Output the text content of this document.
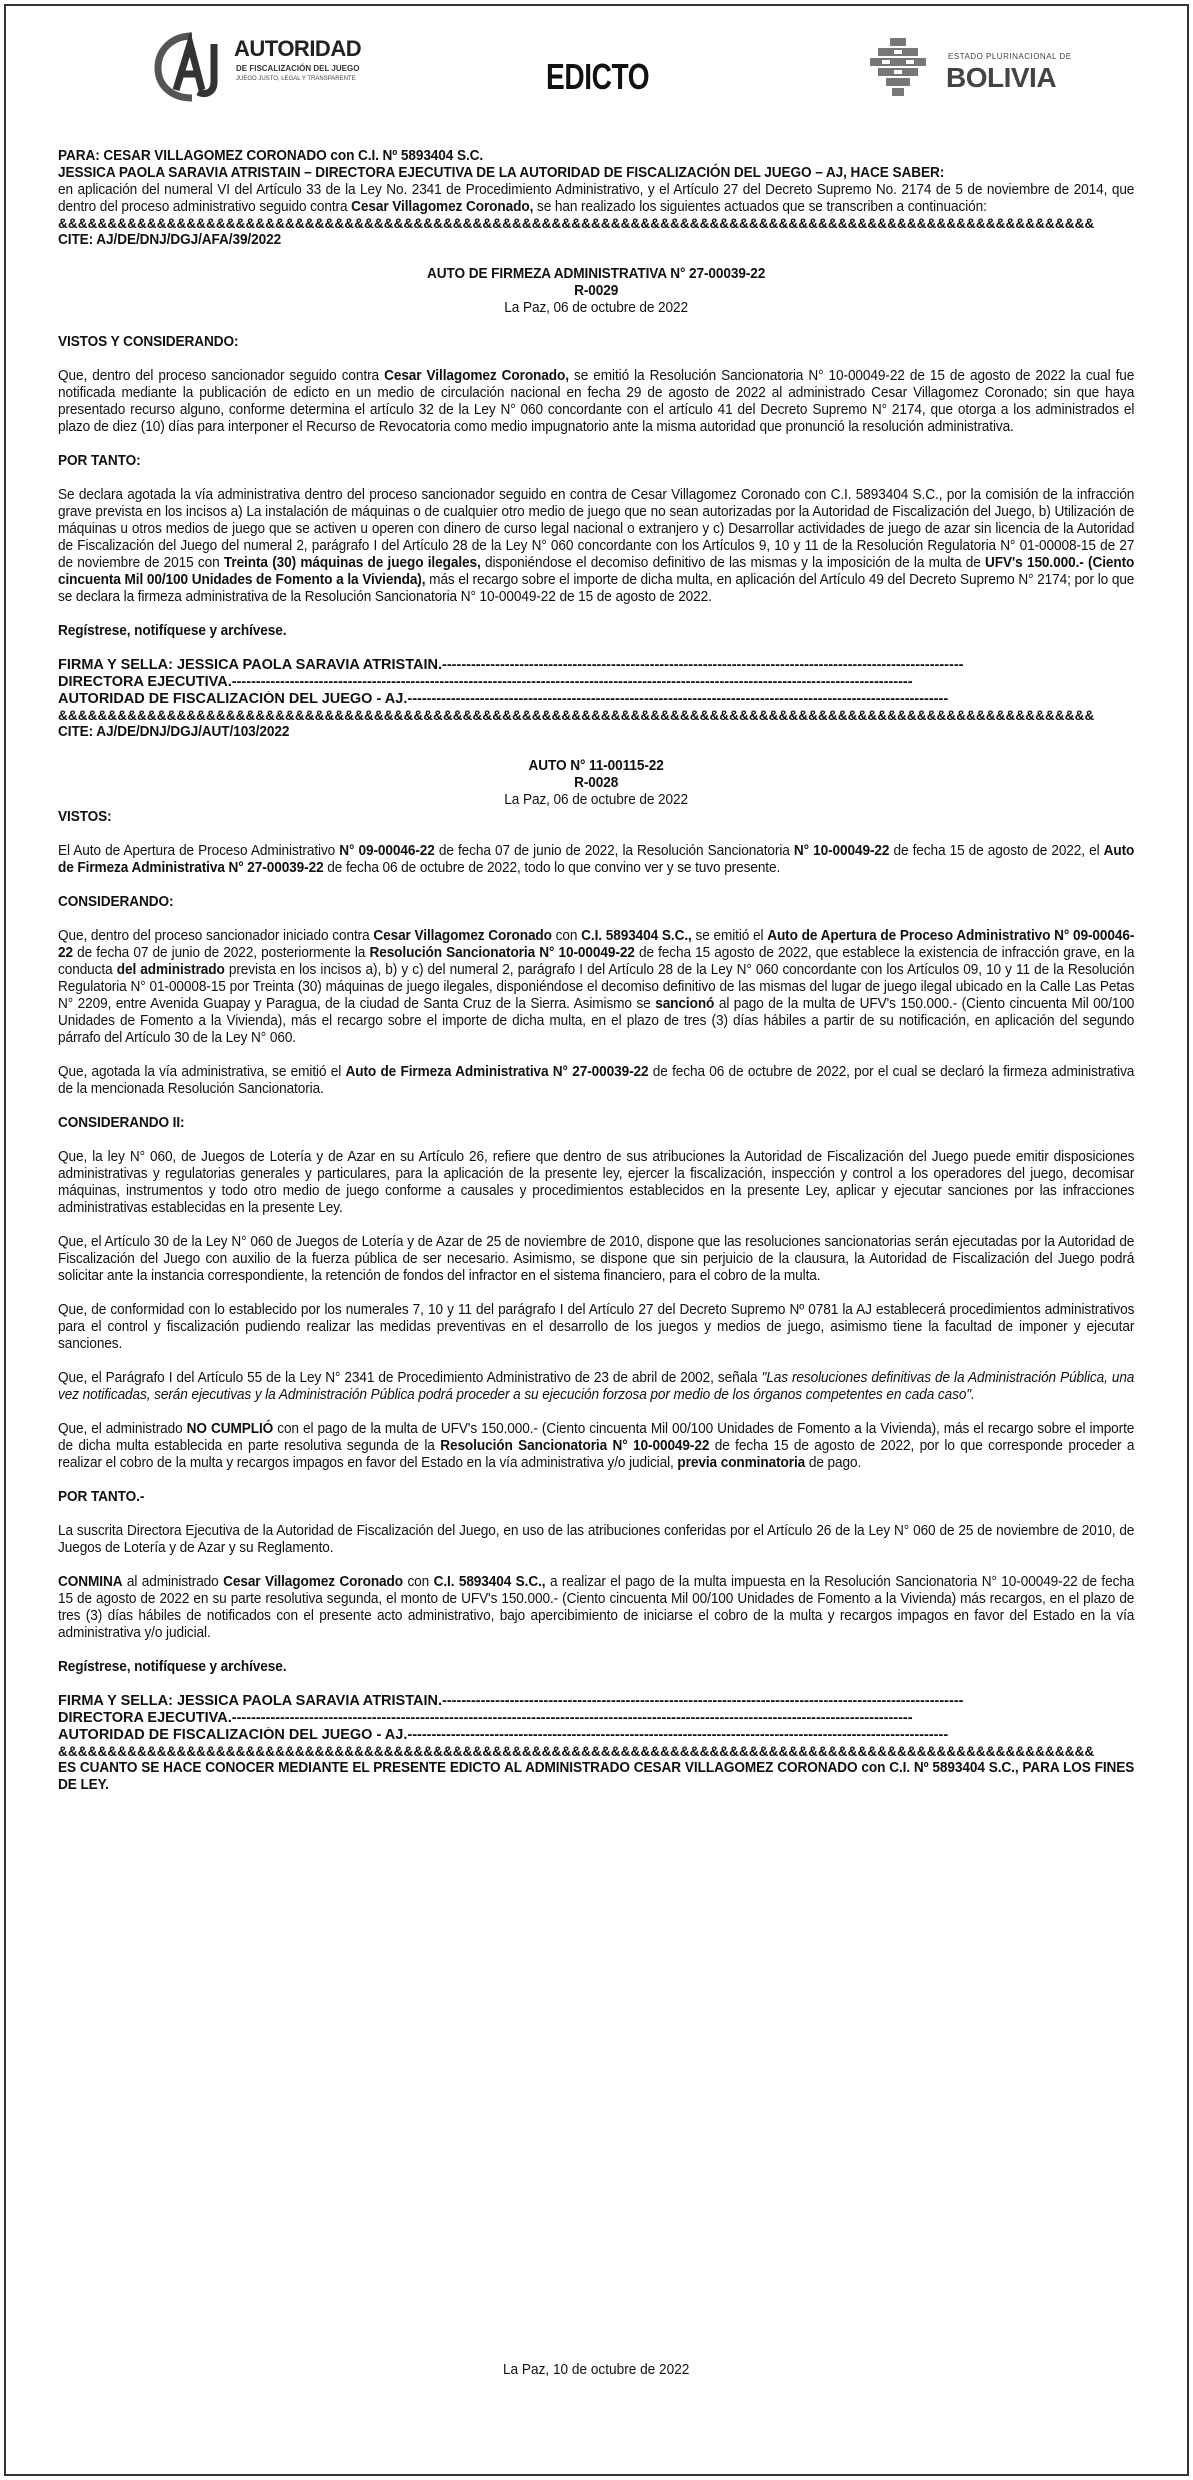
AUTORIDAD
DE FISCALIZACIÓN DEL JUEGO
JUEGO JUSTO, LEGAL Y TRANSPARENTE	EDICTO	ESTADO PLURINACIONAL DE
BOLIVIA
PARA: CESAR VILLAGOMEZ CORONADO con C.I. Nº 5893404 S.C.
JESSICA PAOLA SARAVIA ATRISTAIN – DIRECTORA EJECUTIVA DE LA AUTORIDAD DE FISCALIZACIÓN DEL JUEGO – AJ, HACE SABER:
en aplicación del numeral VI del Artículo 33 de la Ley No. 2341 de Procedimiento Administrativo, y el Artículo 27 del Decreto Supremo No. 2174 de 5 de noviembre de 2014, que dentro del proceso administrativo seguido contra Cesar Villagomez Coronado, se han realizado los siguientes actuados que se transcriben a continuación:
&&&&&&&&&&&&&&&&&&&&&&&&&&&&&&&&&&&&&&&&&&&&&&&&&&&&&&&&&&&&&&&&&&&&&&&&&&&&&&&&&&&&&&&&&&&&&&&&&&&&&&&&&
CITE: AJ/DE/DNJ/DGJ/AFA/39/2022
AUTO DE FIRMEZA ADMINISTRATIVA N° 27-00039-22
R-0029
La Paz, 06 de octubre de 2022
VISTOS Y CONSIDERANDO:
Que, dentro del proceso sancionador seguido contra Cesar Villagomez Coronado, se emitió la Resolución Sancionatoria N° 10-00049-22 de 15 de agosto de 2022 la cual fue notificada mediante la publicación de edicto en un medio de circulación nacional en fecha 29 de agosto de 2022 al administrado Cesar Villagomez Coronado; sin que haya presentado recurso alguno, conforme determina el artículo 32 de la Ley N° 060 concordante con el artículo 41 del Decreto Supremo N° 2174, que otorga a los administrados el plazo de diez (10) días para interponer el Recurso de Revocatoria como medio impugnatorio ante la misma autoridad que pronunció la resolución administrativa.
POR TANTO:
Se declara agotada la vía administrativa dentro del proceso sancionador seguido en contra de Cesar Villagomez Coronado con C.I. 5893404 S.C., por la comisión de la infracción grave prevista en los incisos a) La instalación de máquinas o de cualquier otro medio de juego que no sean autorizadas por la Autoridad de Fiscalización del Juego, b) Utilización de máquinas u otros medios de juego que se activen u operen con dinero de curso legal nacional o extranjero y c) Desarrollar actividades de juego de azar sin licencia de la Autoridad de Fiscalización del Juego del numeral 2, parágrafo I del Artículo 28 de la Ley N° 060 concordante con los Artículos 9, 10 y 11 de la Resolución Regulatoria N° 01-00008-15 de 27 de noviembre de 2015 con Treinta (30) máquinas de juego ilegales, disponiéndose el decomiso definitivo de las mismas y la imposición de la multa de UFV's 150.000.- (Ciento cincuenta Mil 00/100 Unidades de Fomento a la Vivienda), más el recargo sobre el importe de dicha multa, en aplicación del Artículo 49 del Decreto Supremo N° 2174; por lo que se declara la firmeza administrativa de la Resolución Sancionatoria N° 10-00049-22 de 15 de agosto de 2022.
Regístrese, notifíquese y archívese.
FIRMA Y SELLA: JESSICA PAOLA SARAVIA ATRISTAIN.------------------------------------------------------------------------------------------------------------
DIRECTORA EJECUTIVA.---------------------------------------------------------------------------------------------------------------------------------------------
AUTORIDAD DE FISCALIZACIÓN DEL JUEGO - AJ.----------------------------------------------------------------------------------------------------------------
&&&&&&&&&&&&&&&&&&&&&&&&&&&&&&&&&&&&&&&&&&&&&&&&&&&&&&&&&&&&&&&&&&&&&&&&&&&&&&&&&&&&&&&&&&&&&&&&&&&&&&&&&
CITE: AJ/DE/DNJ/DGJ/AUT/103/2022
AUTO N° 11-00115-22
R-0028
La Paz, 06 de octubre de 2022
VISTOS:
El Auto de Apertura de Proceso Administrativo N° 09-00046-22 de fecha 07 de junio de 2022, la Resolución Sancionatoria N° 10-00049-22 de fecha 15 de agosto de 2022, el Auto de Firmeza Administrativa N° 27-00039-22 de fecha 06 de octubre de 2022, todo lo que convino ver y se tuvo presente.
CONSIDERANDO:
Que, dentro del proceso sancionador iniciado contra Cesar Villagomez Coronado con C.I. 5893404 S.C., se emitió el Auto de Apertura de Proceso Administrativo N° 09-00046-22 de fecha 07 de junio de 2022, posteriormente la Resolución Sancionatoria N° 10-00049-22 de fecha 15 agosto de 2022, que establece la existencia de infracción grave, en la conducta del administrado prevista en los incisos a), b) y c) del numeral 2, parágrafo I del Artículo 28 de la Ley N° 060 concordante con los Artículos 09, 10 y 11 de la Resolución Regulatoria N° 01-00008-15 por Treinta (30) máquinas de juego ilegales, disponiéndose el decomiso definitivo de las mismas del lugar de juego ilegal ubicado en la Calle Las Petas N° 2209, entre Avenida Guapay y Paragua, de la ciudad de Santa Cruz de la Sierra. Asimismo se sancionó al pago de la multa de UFV's 150.000.- (Ciento cincuenta Mil 00/100 Unidades de Fomento a la Vivienda), más el recargo sobre el importe de dicha multa, en el plazo de tres (3) días hábiles a partir de su notificación, en aplicación del segundo párrafo del Artículo 30 de la Ley N° 060.
Que, agotada la vía administrativa, se emitió el Auto de Firmeza Administrativa N° 27-00039-22 de fecha 06 de octubre de 2022, por el cual se declaró la firmeza administrativa de la mencionada Resolución Sancionatoria.
CONSIDERANDO II:
Que, la ley N° 060, de Juegos de Lotería y de Azar en su Artículo 26, refiere que dentro de sus atribuciones la Autoridad de Fiscalización del Juego puede emitir disposiciones administrativas y regulatorias generales y particulares, para la aplicación de la presente ley, ejercer la fiscalización, inspección y control a los operadores del juego, decomisar máquinas, instrumentos y todo otro medio de juego conforme a causales y procedimientos establecidos en la presente Ley, aplicar y ejecutar sanciones por las infracciones administrativas establecidas en la presente Ley.
Que, el Artículo 30 de la Ley N° 060 de Juegos de Lotería y de Azar de 25 de noviembre de 2010, dispone que las resoluciones sancionatorias serán ejecutadas por la Autoridad de Fiscalización del Juego con auxilio de la fuerza pública de ser necesario. Asimismo, se dispone que sin perjuicio de la clausura, la Autoridad de Fiscalización del Juego podrá solicitar ante la instancia correspondiente, la retención de fondos del infractor en el sistema financiero, para el cobro de la multa.
Que, de conformidad con lo establecido por los numerales 7, 10 y 11 del parágrafo I del Artículo 27 del Decreto Supremo Nº 0781 la AJ establecerá procedimientos administrativos para el control y fiscalización pudiendo realizar las medidas preventivas en el desarrollo de los juegos y medios de juego, asimismo tiene la facultad de imponer y ejecutar sanciones.
Que, el Parágrafo I del Artículo 55 de la Ley N° 2341 de Procedimiento Administrativo de 23 de abril de 2002, señala "Las resoluciones definitivas de la Administración Pública, una vez notificadas, serán ejecutivas y la Administración Pública podrá proceder a su ejecución forzosa por medio de los órganos competentes en cada caso".
Que, el administrado NO CUMPLIÓ con el pago de la multa de UFV's 150.000.- (Ciento cincuenta Mil 00/100 Unidades de Fomento a la Vivienda), más el recargo sobre el importe de dicha multa establecida en parte resolutiva segunda de la Resolución Sancionatoria N° 10-00049-22 de fecha 15 de agosto de 2022, por lo que corresponde proceder a realizar el cobro de la multa y recargos impagos en favor del Estado en la vía administrativa y/o judicial, previa conminatoria de pago.
POR TANTO.-
La suscrita Directora Ejecutiva de la Autoridad de Fiscalización del Juego, en uso de las atribuciones conferidas por el Artículo 26 de la Ley N° 060 de 25 de noviembre de 2010, de Juegos de Lotería y de Azar y su Reglamento.
CONMINA al administrado Cesar Villagomez Coronado con C.I. 5893404 S.C., a realizar el pago de la multa impuesta en la Resolución Sancionatoria N° 10-00049-22 de fecha 15 de agosto de 2022 en su parte resolutiva segunda, el monto de UFV's 150.000.- (Ciento cincuenta Mil 00/100 Unidades de Fomento a la Vivienda) más recargos, en el plazo de tres (3) días hábiles de notificados con el presente acto administrativo, bajo apercibimiento de iniciarse el cobro de la multa y recargos impagos en favor del Estado en la vía administrativa y/o judicial.
Regístrese, notifíquese y archívese.
FIRMA Y SELLA: JESSICA PAOLA SARAVIA ATRISTAIN.------------------------------------------------------------------------------------------------------------
DIRECTORA EJECUTIVA.---------------------------------------------------------------------------------------------------------------------------------------------
AUTORIDAD DE FISCALIZACIÓN DEL JUEGO - AJ.----------------------------------------------------------------------------------------------------------------
&&&&&&&&&&&&&&&&&&&&&&&&&&&&&&&&&&&&&&&&&&&&&&&&&&&&&&&&&&&&&&&&&&&&&&&&&&&&&&&&&&&&&&&&&&&&&&&&&&&&&&&&&
ES CUANTO SE HACE CONOCER MEDIANTE EL PRESENTE EDICTO AL ADMINISTRADO CESAR VILLAGOMEZ CORONADO con C.I. Nº 5893404 S.C., PARA LOS FINES DE LEY.
La Paz, 10 de octubre de 2022
